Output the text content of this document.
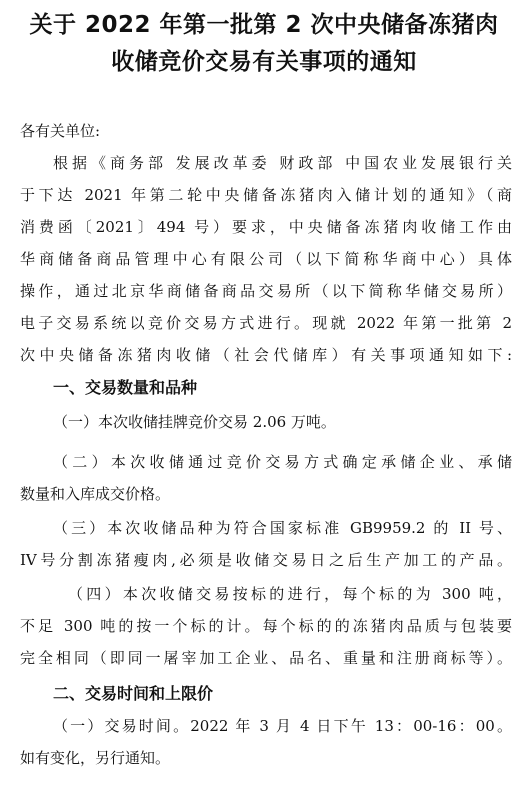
关于 2022 年第一批第 2 次中央储备冻猪肉
收储竞价交易有关事项的通知
各有关单位:
根据《商务部 发展改革委 财政部 中国农业发展银行关
于下达 2021 年第二轮中央储备冻猪肉入储计划的通知》（商
消费函〔2021〕494 号）要求，中央储备冻猪肉收储工作由
华商储备商品管理中心有限公司（以下简称华商中心）具体
操作，通过北京华商储备商品交易所（以下简称华储交易所）
电子交易系统以竞价交易方式进行。现就 2022 年第一批第 2
次中央储备冻猪肉收储（社会代储库）有关事项通知如下:
一、交易数量和品种
（一）本次收储挂牌竞价交易 2.06 万吨。
（二）本次收储通过竞价交易方式确定承储企业、承储
数量和入库成交价格。
（三）本次收储品种为符合国家标准 GB9959.2 的 II 号、
IV号分割冻猪瘦肉,必须是收储交易日之后生产加工的产品。
（四）本次收储交易按标的进行，每个标的为 300 吨，
不足 300 吨的按一个标的计。每个标的的冻猪肉品质与包装要
完全相同（即同一屠宰加工企业、品名、重量和注册商标等）。
二、交易时间和上限价
（一）交易时间。2022 年 3 月 4 日下午 13：00-16：00。
如有变化，另行通知。
